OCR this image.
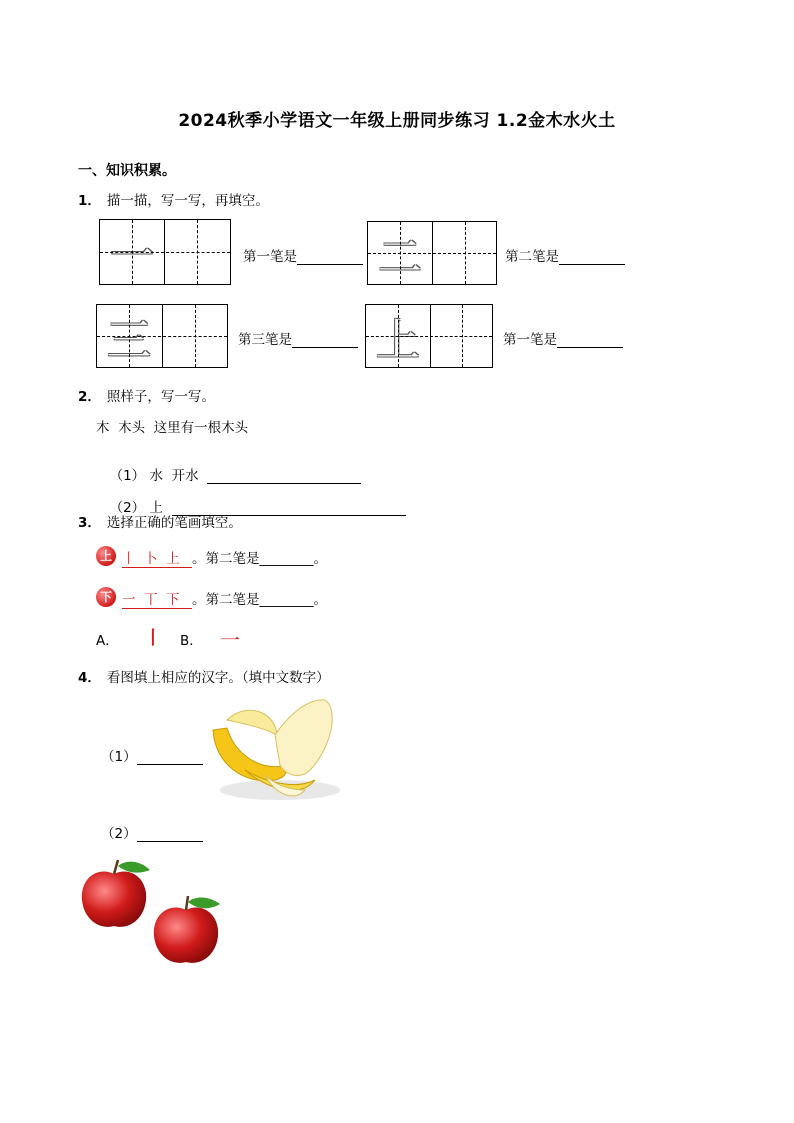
2024秋季小学语文一年级上册同步练习 1.2金木水火土
一、知识积累。
1． 描一描，写一写，再填空。
一	第一笔是	二	第二笔是
三	第三笔是	上	第一笔是
2． 照样子，写一写。
木  木头  这里有一根木头

（1） 水  开水

（2） 上

3． 选择正确的笔画填空。
上 丨  卜  上 。第二笔是________。
下 一  丅  下 。第二笔是________。
A． 丨 B． 一
4． 看图填上相应的汉字。（填中文数字）
（1）
（2）
